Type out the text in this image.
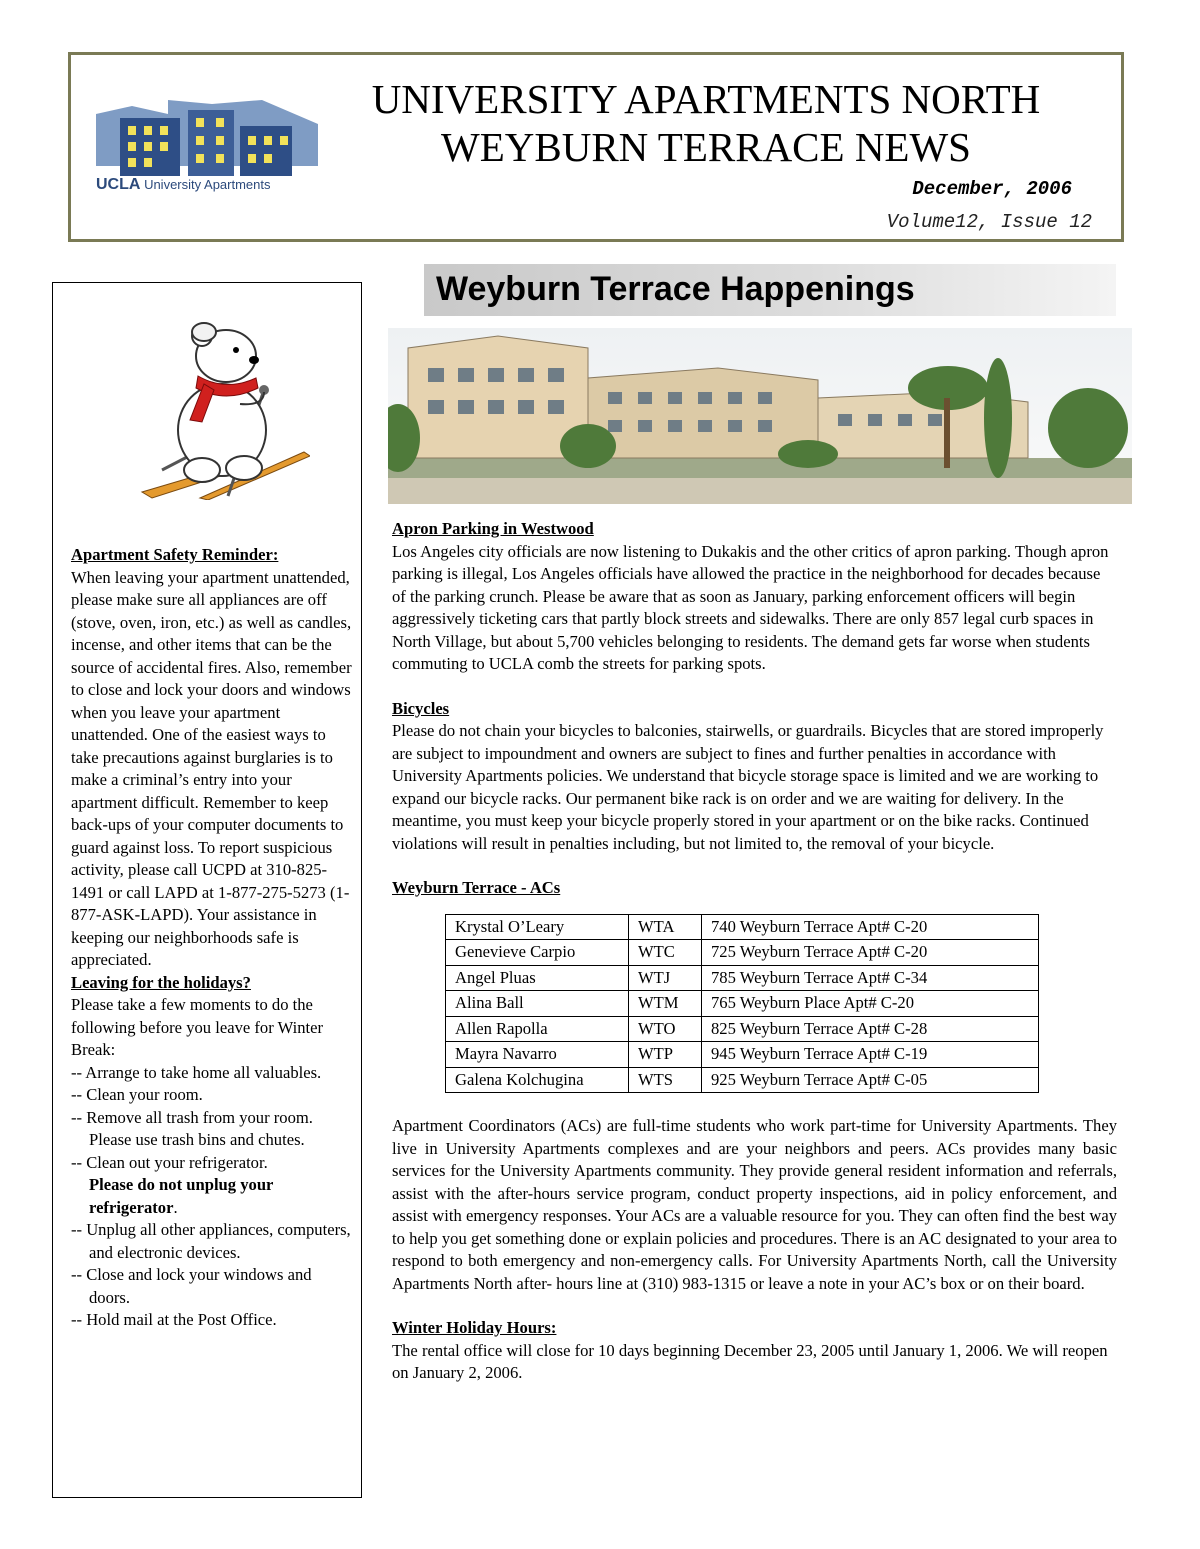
UCLA University Apartments
UNIVERSITY APARTMENTS NORTH
WEYBURN TERRACE NEWS
December, 2006
Volume12, Issue 12

Apartment Safety Reminder:

When leaving your apartment unattended, please make sure all appliances are off (stove, oven, iron, etc.) as well as candles, incense, and other items that can be the source of accidental fires. Also, remember to close and lock your doors and windows when you leave your apartment unattended. One of the easiest ways to take precautions against burglaries is to make a criminal’s entry into your apartment difficult. Remember to keep back-ups of your computer documents to guard against loss. To report suspicious activity, please call UCPD at 310-825-1491 or call LAPD at 1-877-275-5273 (1-877-ASK-LAPD). Your assistance in keeping our neighborhoods safe is appreciated.

Leaving for the holidays?

Please take a few moments to do the following before you leave for Winter Break:

-- Arrange to take home all valuables.

-- Clean your room.

-- Remove all trash from your room. Please use trash bins and chutes.

-- Clean out your refrigerator.

Please do not unplug your refrigerator.

-- Unplug all other appliances, computers, and electronic devices.

-- Close and lock your windows and doors.

-- Hold mail at the Post Office.

Weyburn Terrace Happenings

Apron Parking in Westwood

Los Angeles city officials are now listening to Dukakis and the other critics of apron parking. Though apron parking is illegal, Los Angeles officials have allowed the practice in the neighborhood for decades because of the parking crunch. Please be aware that as soon as January, parking enforcement officers will begin aggressively ticketing cars that partly block streets and sidewalks. There are only 857 legal curb spaces in North Village, but about 5,700 vehicles belonging to residents. The demand gets far worse when students commuting to UCLA comb the streets for parking spots.

Bicycles

Please do not chain your bicycles to balconies, stairwells, or guardrails. Bicycles that are stored improperly are subject to impoundment and owners are subject to fines and further penalties in accordance with University Apartments policies. We understand that bicycle storage space is limited and we are working to expand our bicycle racks. Our permanent bike rack is on order and we are waiting for delivery. In the meantime, you must keep your bicycle properly stored in your apartment or on the bike racks. Continued violations will result in penalties including, but not limited to, the removal of your bicycle.

Weyburn Terrace - ACs

Krystal O’Leary	WTA	740 Weyburn Terrace Apt# C-20
Genevieve Carpio	WTC	725 Weyburn Terrace Apt# C-20
Angel Pluas	WTJ	785 Weyburn Terrace Apt# C-34
Alina Ball	WTM	765 Weyburn Place Apt# C-20
Allen Rapolla	WTO	825 Weyburn Terrace Apt# C-28
Mayra Navarro	WTP	945 Weyburn Terrace Apt# C-19
Galena Kolchugina	WTS	925 Weyburn Terrace Apt# C-05

Apartment Coordinators (ACs) are full-time students who work part-time for University Apartments. They live in University Apartments complexes and are your neighbors and peers. ACs provides many basic services for the University Apartments community. They provide general resident information and referrals, assist with the after-hours service program, conduct property inspections, aid in policy enforcement, and assist with emergency responses. Your ACs are a valuable resource for you. They can often find the best way to help you get something done or explain policies and procedures. There is an AC designated to your area to respond to both emergency and non-emergency calls. For University Apartments North, call the University Apartments North after- hours line at (310) 983-1315 or leave a note in your AC’s box or on their board.

Winter Holiday Hours:

The rental office will close for 10 days beginning December 23, 2005 until January 1, 2006. We will reopen on January 2, 2006.
